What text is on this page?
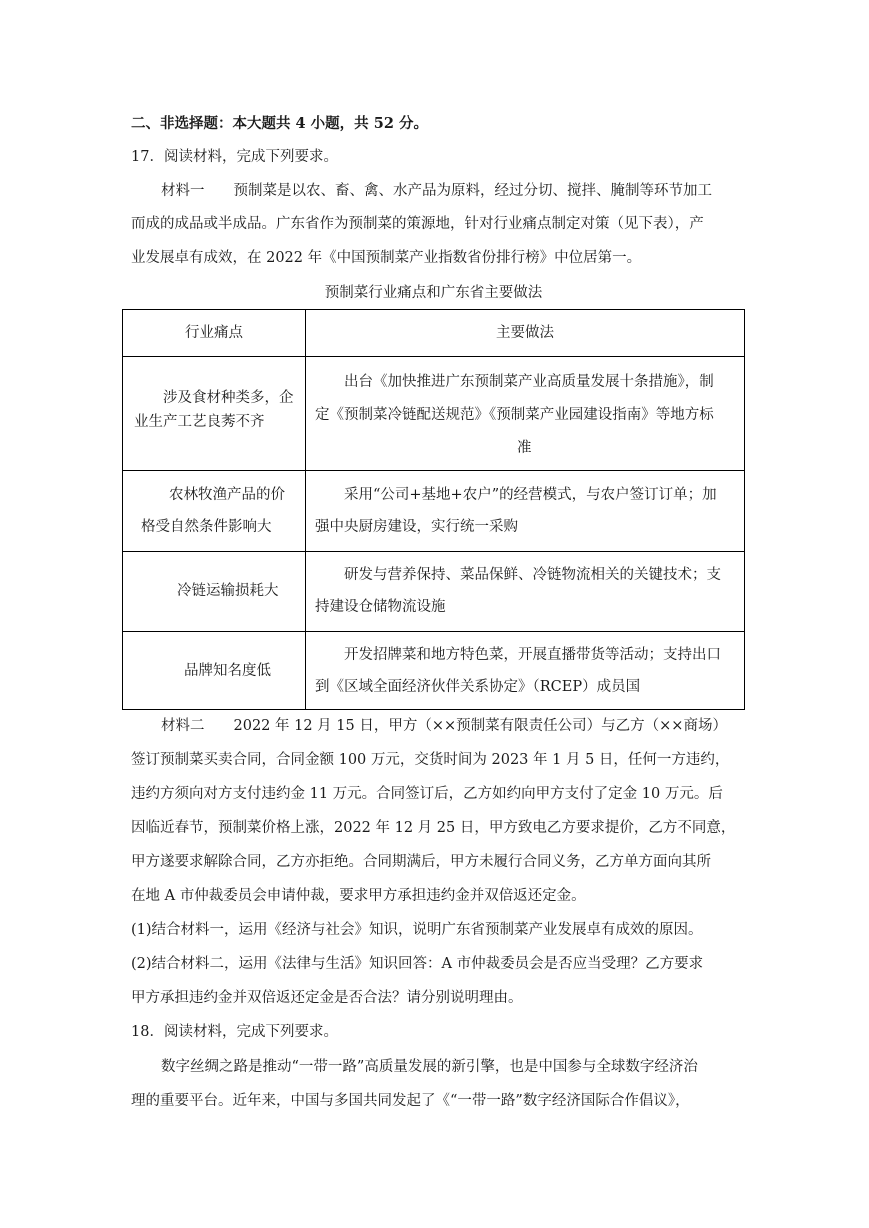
二、非选择题：本大题共 4 小题，共 52 分。
17．阅读材料，完成下列要求。
材料一　　预制菜是以农、畜、禽、水产品为原料，经过分切、搅拌、腌制等环节加工
而成的成品或半成品。广东省作为预制菜的策源地，针对行业痛点制定对策（见下表），产
业发展卓有成效，在 2022 年《中国预制菜产业指数省份排行榜》中位居第一。
预制菜行业痛点和广东省主要做法
行业痛点	主要做法
涉及食材种类多，企
业生产工艺良莠不齐
出台《加快推进广东预制菜产业高质量发展十条措施》，制
定《预制菜冷链配送规范》《预制菜产业园建设指南》等地方标
准
农林牧渔产品的价
格受自然条件影响大
采用“公司+基地+农户”的经营模式，与农户签订订单；加
强中央厨房建设，实行统一采购
冷链运输损耗大
研发与营养保持、菜品保鲜、冷链物流相关的关键技术；支
持建设仓储物流设施
品牌知名度低
开发招牌菜和地方特色菜，开展直播带货等活动；支持出口
到《区域全面经济伙伴关系协定》（RCEP）成员国
材料二　　2022 年 12 月 15 日，甲方（××预制菜有限责任公司）与乙方（××商场）
签订预制菜买卖合同，合同金额 100 万元，交货时间为 2023 年 1 月 5 日，任何一方违约，
违约方须向对方支付违约金 11 万元。合同签订后，乙方如约向甲方支付了定金 10 万元。后
因临近春节，预制菜价格上涨，2022 年 12 月 25 日，甲方致电乙方要求提价，乙方不同意，
甲方遂要求解除合同，乙方亦拒绝。合同期满后，甲方未履行合同义务，乙方单方面向其所
在地 A 市仲裁委员会申请仲裁，要求甲方承担违约金并双倍返还定金。
(1)结合材料一，运用《经济与社会》知识，说明广东省预制菜产业发展卓有成效的原因。
(2)结合材料二，运用《法律与生活》知识回答：A 市仲裁委员会是否应当受理？乙方要求
甲方承担违约金并双倍返还定金是否合法？请分别说明理由。
18．阅读材料，完成下列要求。
数字丝绸之路是推动“一带一路”高质量发展的新引擎，也是中国参与全球数字经济治
理的重要平台。近年来，中国与多国共同发起了《“一带一路”数字经济国际合作倡议》，
